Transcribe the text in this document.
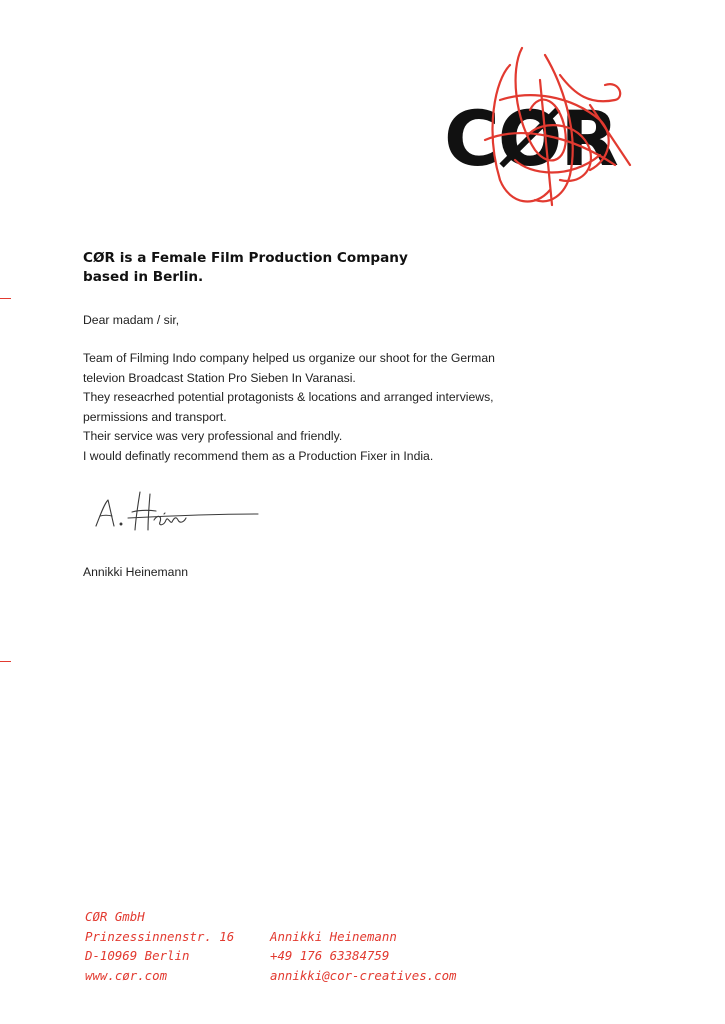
CØR
CØR is a Female Film Production Company
based in Berlin.
Dear madam / sir,

Team of Filming Indo company helped us organize our shoot for the German

televion Broadcast Station Pro Sieben In Varanasi.

They reseacrhed potential protagonists & locations and arranged interviews,

permissions and transport.

Their service was very professional and friendly.

I would definatly recommend them as a Production Fixer in India.

Annikki Heinemann
CØR GmbH
Prinzessinnenstr. 16
D-10969 Berlin
www.cør.com
Annikki Heinemann
+49 176 63384759
annikki@cor-creatives.com
